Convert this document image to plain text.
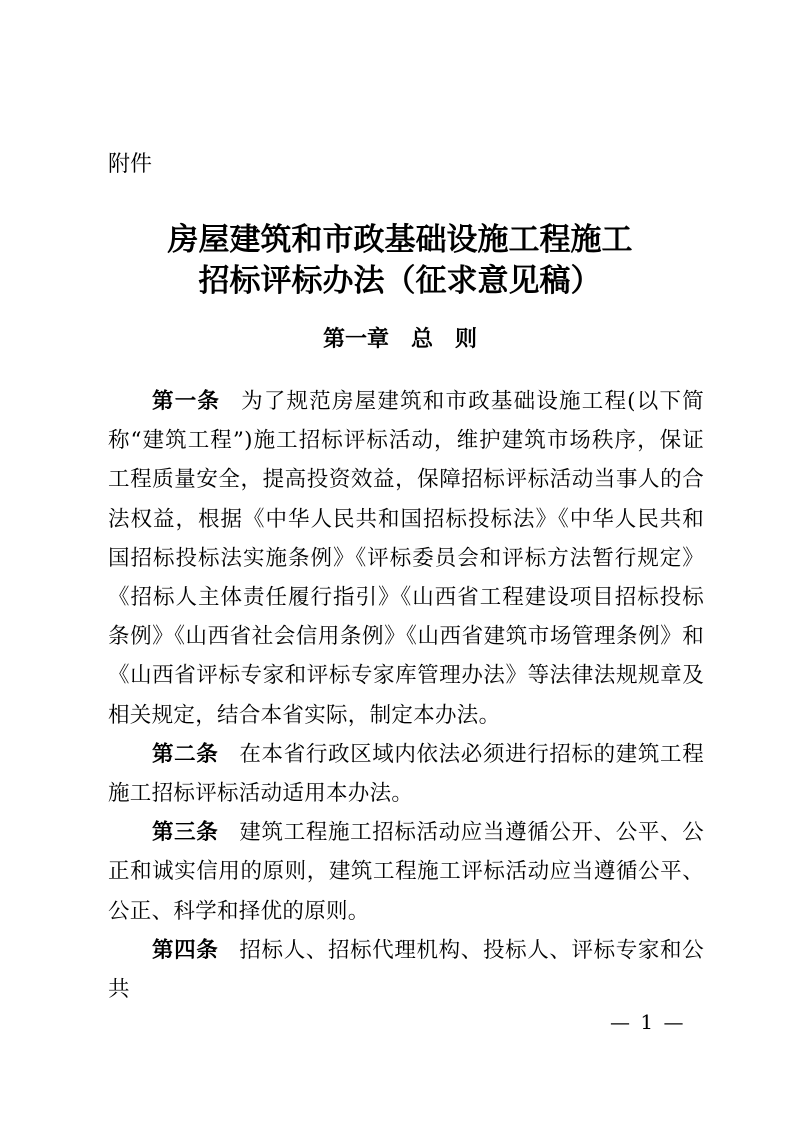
附件

房屋建筑和市政基础设施工程施工
招标评标办法（征求意见稿）
第一章 总　则

第一条 为了规范房屋建筑和市政基础设施工程(以下简称“建筑工程”)施工招标评标活动，维护建筑市场秩序，保证工程质量安全，提高投资效益，保障招标评标活动当事人的合法权益，根据《中华人民共和国招标投标法》《中华人民共和国招标投标法实施条例》《评标委员会和评标方法暂行规定》《招标人主体责任履行指引》《山西省工程建设项目招标投标条例》《山西省社会信用条例》《山西省建筑市场管理条例》和《山西省评标专家和评标专家库管理办法》等法律法规规章及相关规定，结合本省实际，制定本办法。

第二条 在本省行政区域内依法必须进行招标的建筑工程施工招标评标活动适用本办法。

第三条 建筑工程施工招标活动应当遵循公开、公平、公正和诚实信用的原则，建筑工程施工评标活动应当遵循公平、公正、科学和择优的原则。

第四条 招标人、招标代理机构、投标人、评标专家和公共

— 1 —
